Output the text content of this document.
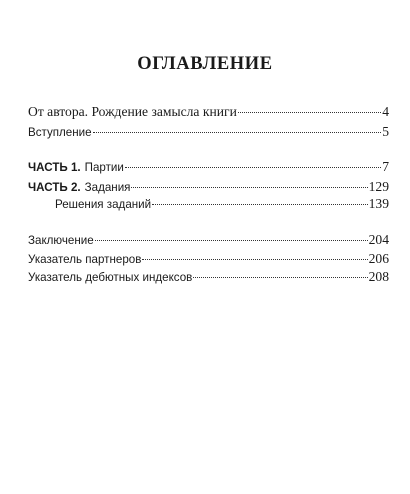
ОГЛАВЛЕНИЕ
От автора. Рождение замысла книги	4
Вступление	5
ЧАСТЬ 1. Партии	7
ЧАСТЬ 2. Задания	129
Решения заданий	139
Заключение	204
Указатель партнеров	206
Указатель дебютных индексов	208
